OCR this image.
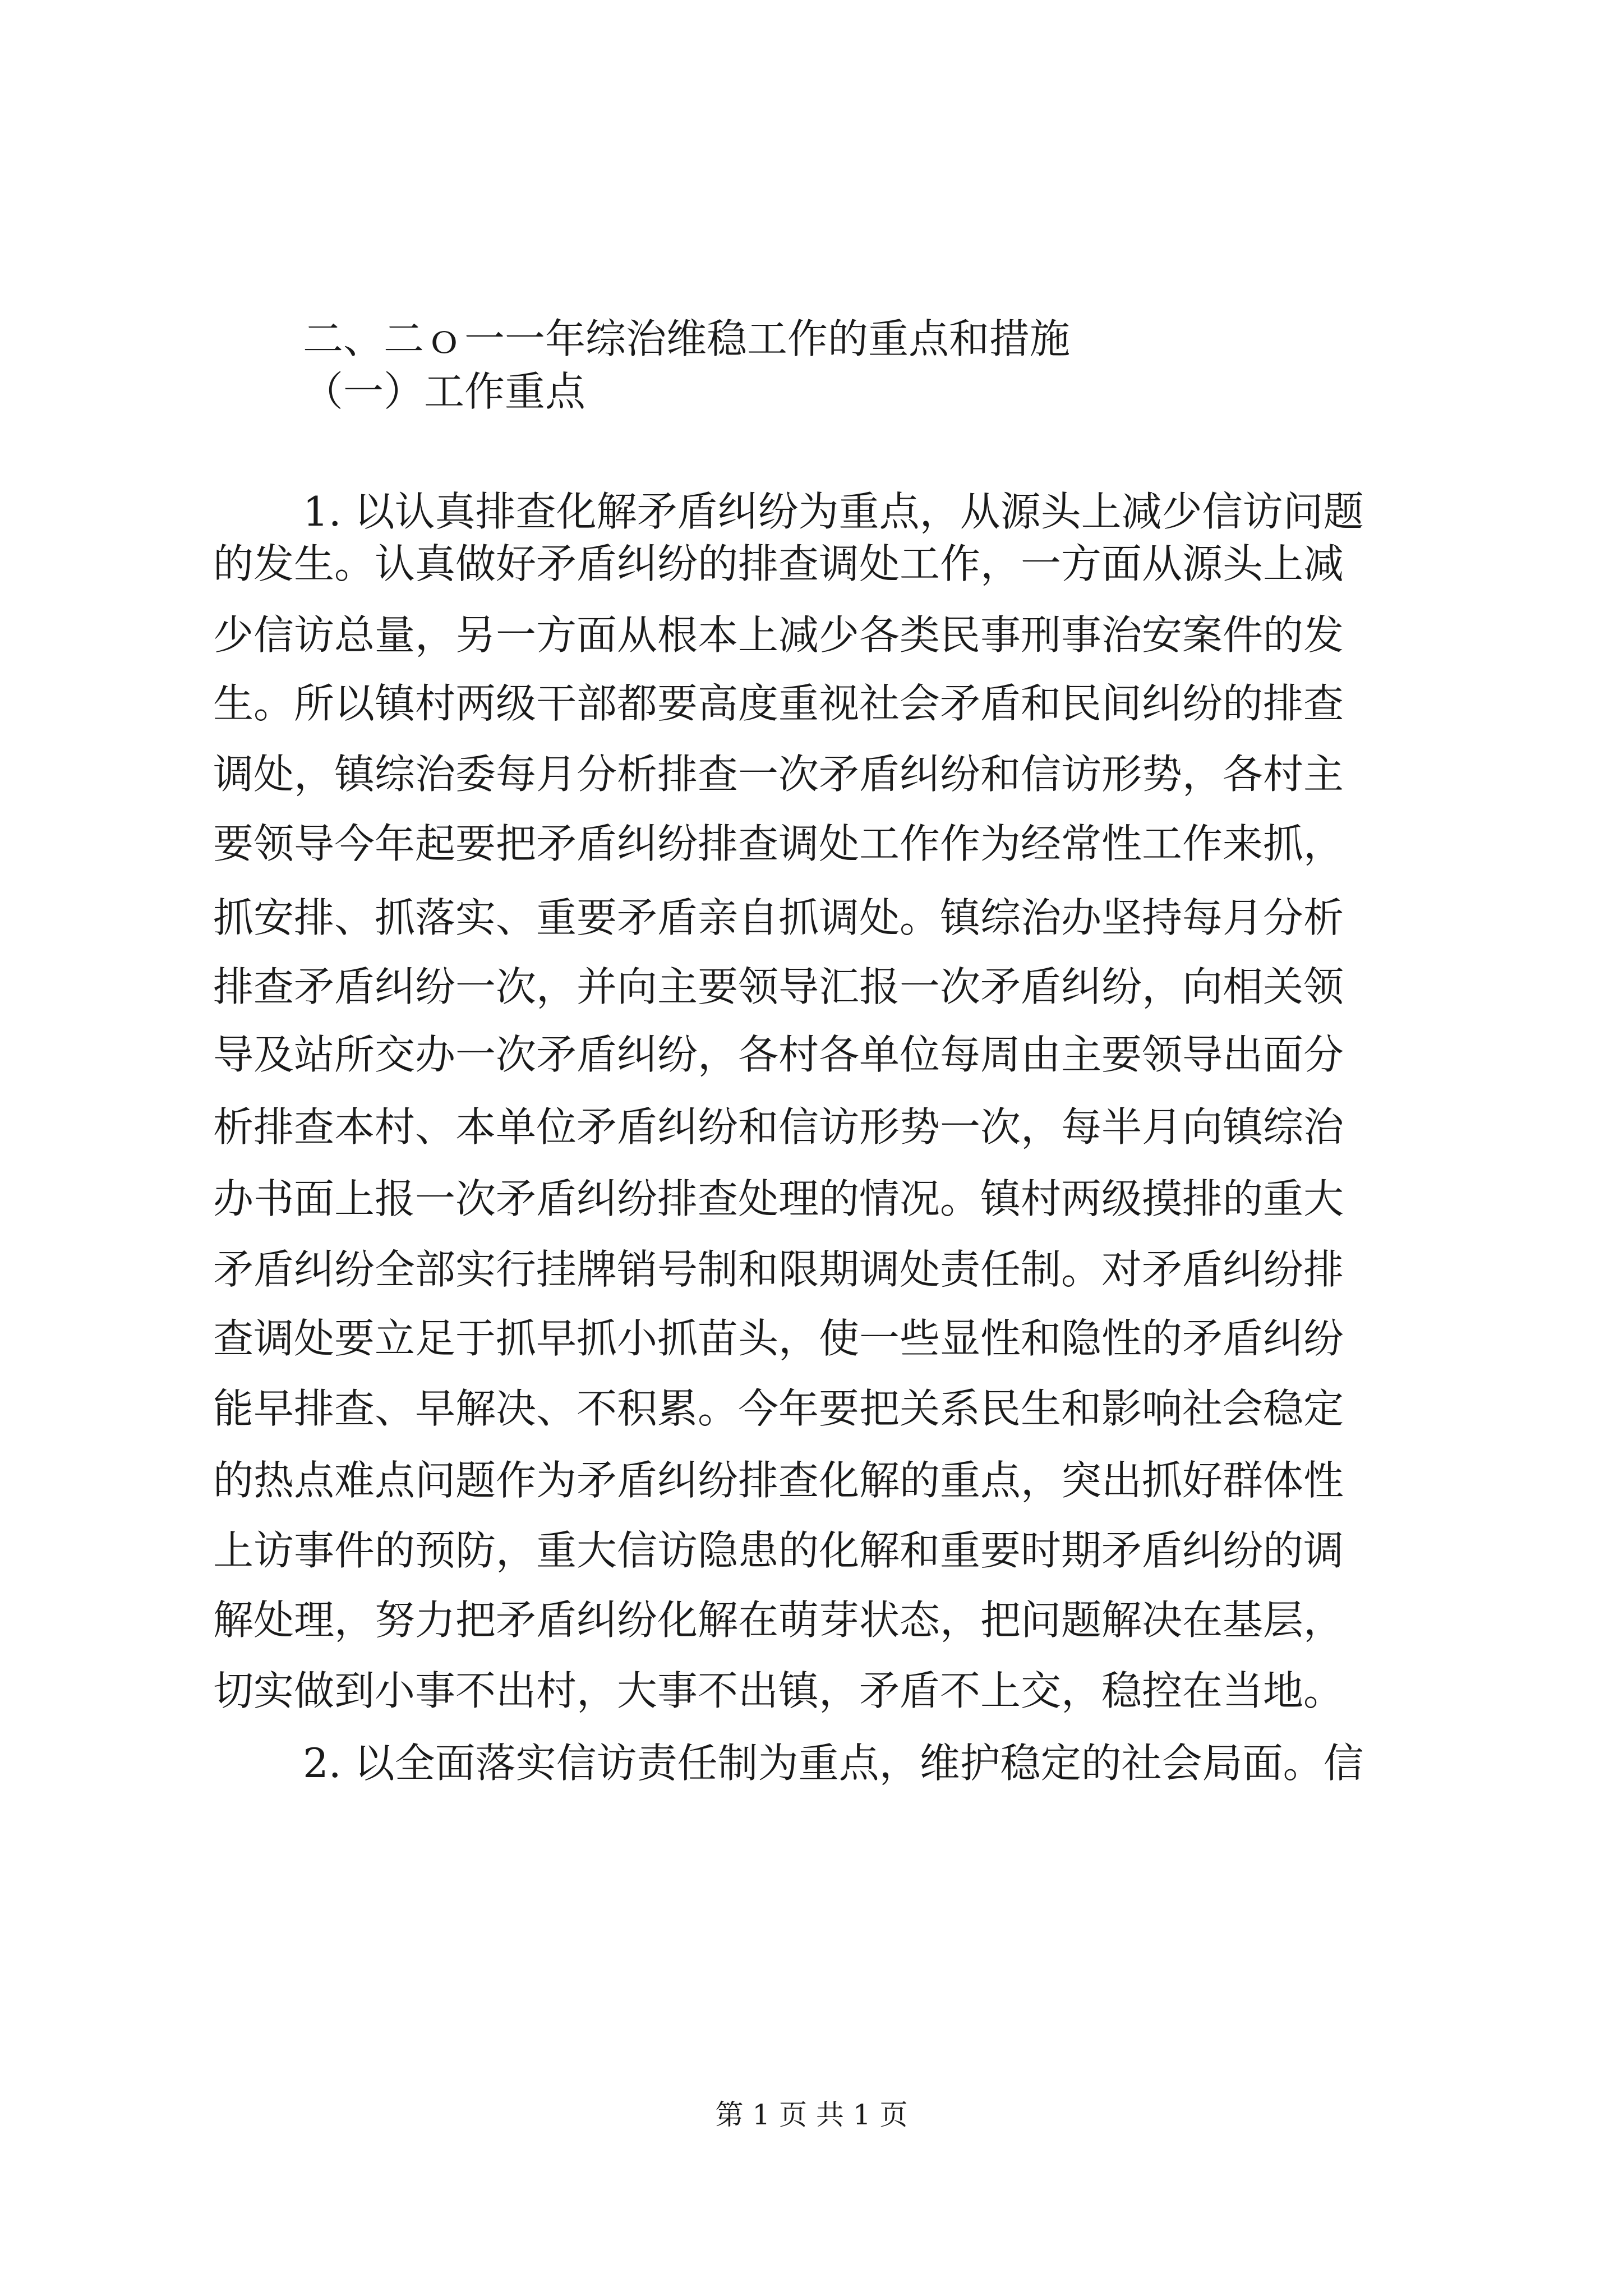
二、二ｏ一一年综治维稳工作的重点和措施

（一）工作重点

1. 以认真排查化解矛盾纠纷为重点，从源头上减少信访问题

的发生。认真做好矛盾纠纷的排查调处工作，一方面从源头上减

少信访总量，另一方面从根本上减少各类民事刑事治安案件的发

生。所以镇村两级干部都要高度重视社会矛盾和民间纠纷的排查

调处，镇综治委每月分析排查一次矛盾纠纷和信访形势，各村主

要领导今年起要把矛盾纠纷排查调处工作作为经常性工作来抓，

抓安排、抓落实、重要矛盾亲自抓调处。镇综治办坚持每月分析

排查矛盾纠纷一次，并向主要领导汇报一次矛盾纠纷，向相关领

导及站所交办一次矛盾纠纷，各村各单位每周由主要领导出面分

析排查本村、本单位矛盾纠纷和信访形势一次，每半月向镇综治

办书面上报一次矛盾纠纷排查处理的情况。镇村两级摸排的重大

矛盾纠纷全部实行挂牌销号制和限期调处责任制。对矛盾纠纷排

查调处要立足于抓早抓小抓苗头，使一些显性和隐性的矛盾纠纷

能早排查、早解决、不积累。今年要把关系民生和影响社会稳定

的热点难点问题作为矛盾纠纷排查化解的重点，突出抓好群体性

上访事件的预防，重大信访隐患的化解和重要时期矛盾纠纷的调

解处理，努力把矛盾纠纷化解在萌芽状态，把问题解决在基层，

切实做到小事不出村，大事不出镇，矛盾不上交，稳控在当地。

2. 以全面落实信访责任制为重点，维护稳定的社会局面。信

第 1 页 共 1 页
